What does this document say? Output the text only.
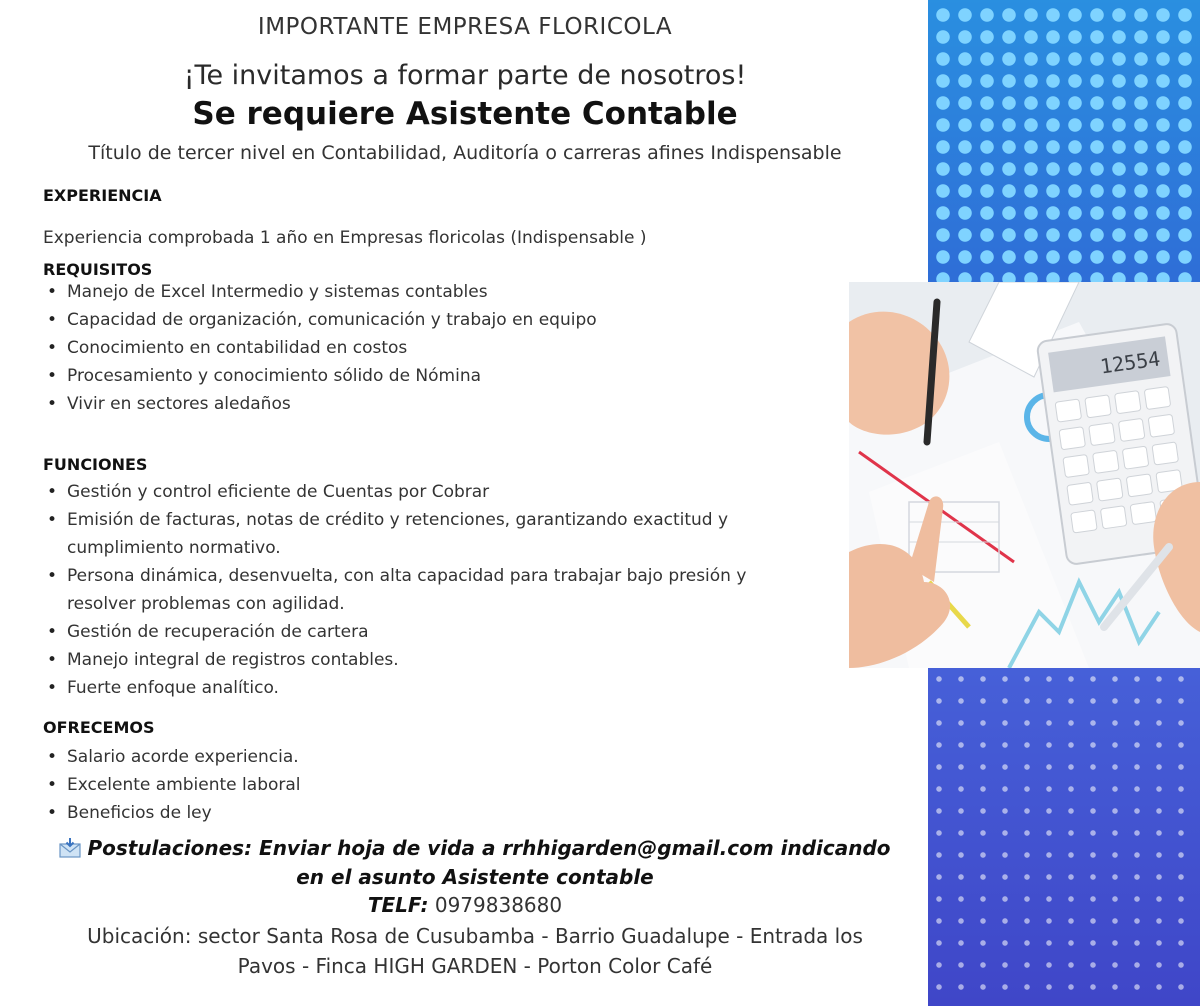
12554
IMPORTANTE EMPRESA FLORICOLA
¡Te invitamos a formar parte de nosotros!
Se requiere Asistente Contable
Título de tercer nivel en Contabilidad, Auditoría o carreras afines Indispensable
EXPERIENCIA
Experiencia comprobada 1 año en Empresas floricolas (Indispensable )
REQUISITOS
• Manejo de Excel Intermedio y sistemas contables
• Capacidad de organización, comunicación y trabajo en equipo
• Conocimiento en contabilidad en costos
• Procesamiento y conocimiento sólido de Nómina
• Vivir en sectores aledaños
FUNCIONES
• Gestión y control eficiente de Cuentas por Cobrar
• Emisión de facturas, notas de crédito y retenciones, garantizando exactitud y cumplimiento normativo.
• Persona dinámica, desenvuelta, con alta capacidad para trabajar bajo presión y resolver problemas con agilidad.
• Gestión de recuperación de cartera
• Manejo integral de registros contables.
• Fuerte enfoque analítico.
OFRECEMOS
• Salario acorde experiencia.
• Excelente ambiente laboral
• Beneficios de ley
Postulaciones: Enviar hoja de vida a rrhhigarden@gmail.com indicando
en el asunto Asistente contable
TELF: 0979838680
Ubicación: sector Santa Rosa de Cusubamba - Barrio Guadalupe - Entrada los
Pavos - Finca HIGH GARDEN - Porton Color Café
